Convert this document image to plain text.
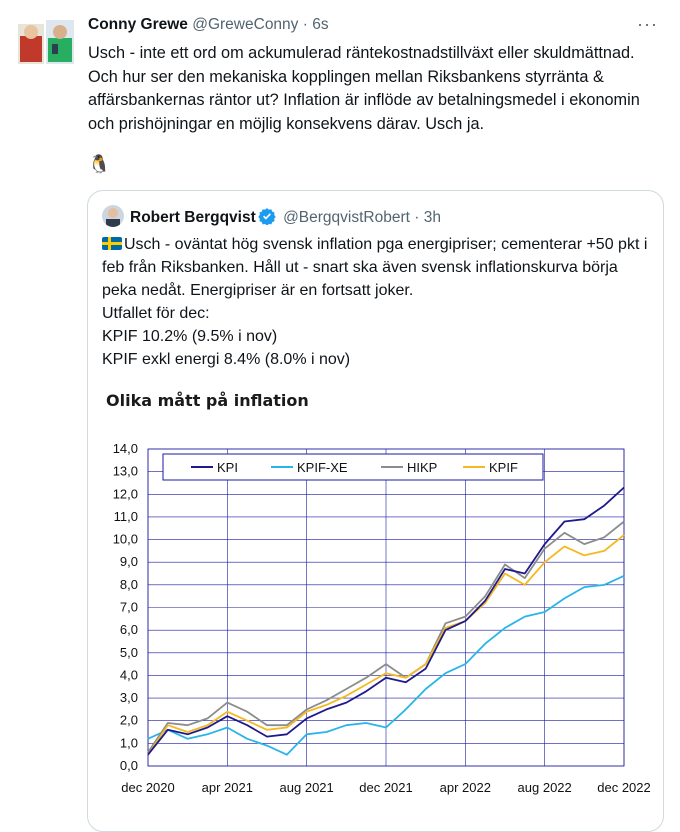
Conny Grewe @GreweConny · 6s	···
Usch - inte ett ord om ackumulerad räntekostnadstillväxt eller skuldmättnad. Och hur ser den mekaniska kopplingen mellan Riksbankens styrränta & affärsbankernas räntor ut? Inflation är inflöde av betalningsmedel i ekonomin och prishöjningar en möjlig konsekvens därav. Usch ja.
🐧
Robert Bergqvist @BergqvistRobert · 3h
Usch - oväntat hög svensk inflation pga energipriser; cementerar +50 pkt i feb från Riksbanken. Håll ut - snart ska även svensk inflationskurva börja peka nedåt. Energipriser är en fortsatt joker.
Utfallet för dec:
KPIF 10.2% (9.5% i nov)
KPIF exkl energi 8.4% (8.0% i nov)
Olika mått på inflation
0,0
1,0
2,0
3,0
4,0
5,0
6,0
7,0
8,0
9,0
10,0
11,0
12,0
13,0
14,0
dec 2020 apr 2021 aug 2021 dec 2021 apr 2022 aug 2022 dec 2022
KPI	KPIF-XE	HIKP	KPIF
